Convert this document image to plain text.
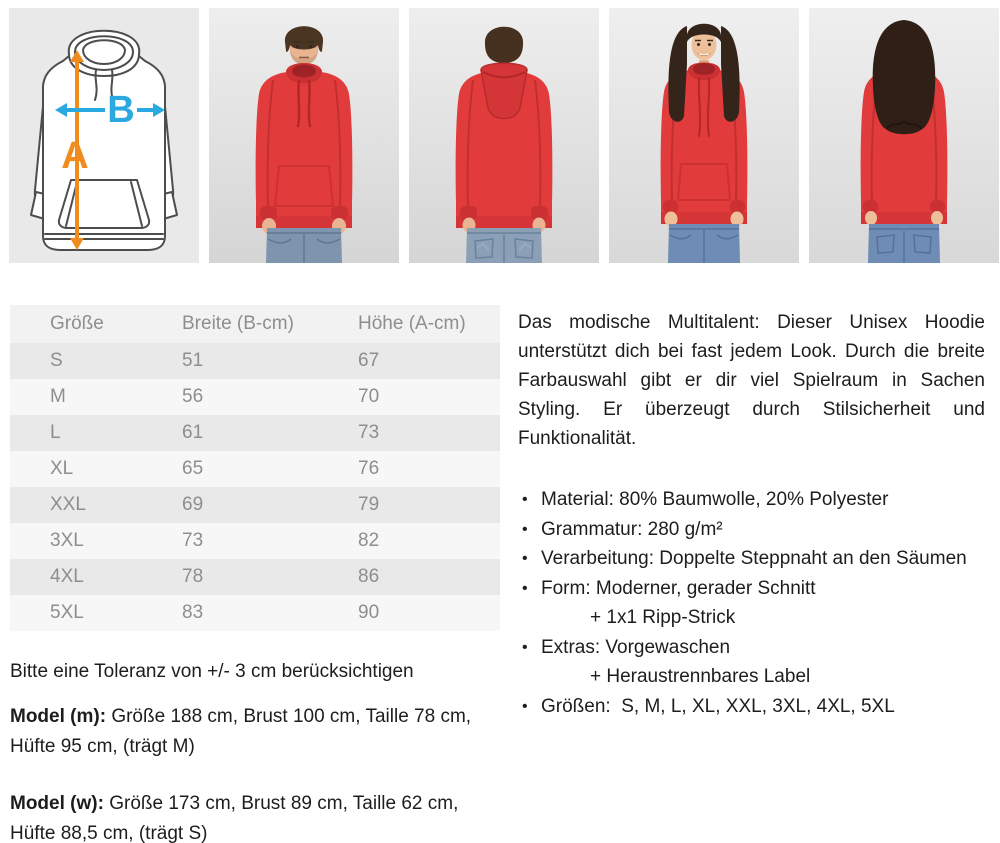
A
B
Größe	Breite (B-cm)	Höhe (A-cm)
S	51	67
M	56	70
L	61	73
XL	65	76
XXL	69	79
3XL	73	82
4XL	78	86
5XL	83	90
Bitte eine Toleranz von +/- 3 cm berücksichtigen
Model (m): Größe 188 cm, Brust 100 cm, Taille 78 cm, Hüfte 95 cm, (trägt M)
Model (w): Größe 173 cm, Brust 89 cm, Taille 62 cm, Hüfte 88,5 cm, (trägt S)
Das modische Multitalent: Dieser Unisex Hoodie unterstützt dich bei fast jedem Look. Durch die breite Farbauswahl gibt er dir viel Spielraum in Sachen Styling. Er überzeugt durch Stilsicherheit und Funktionalität.
• Material: 80% Baumwolle, 20% Polyester
• Grammatur: 280 g/m²
• Verarbeitung: Doppelte Steppnaht an den Säumen
• Form: Moderner, gerader Schnitt
+ 1x1 Ripp-Strick
• Extras: Vorgewaschen
+ Heraustrennbares Label
• Größen:  S, M, L, XL, XXL, 3XL, 4XL, 5XL
